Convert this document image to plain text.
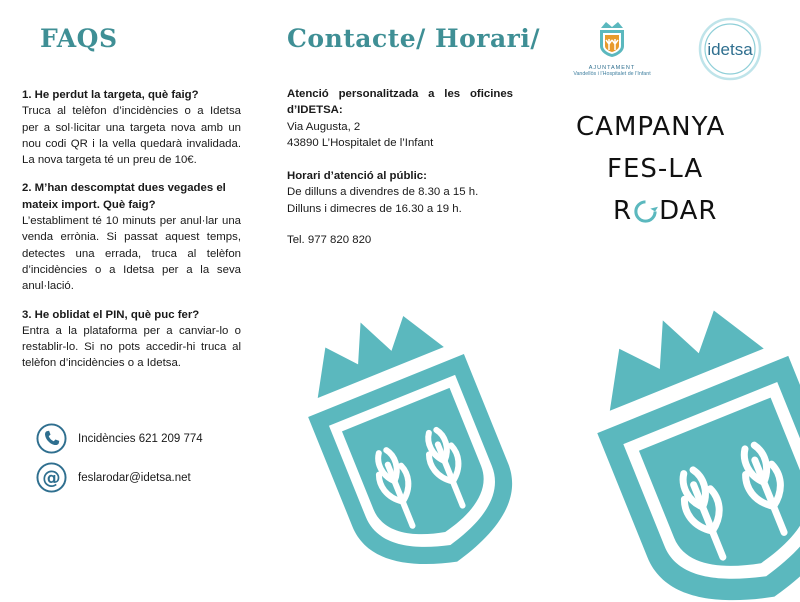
FAQS
1. He perdut la targeta, què faig?
Truca al telèfon d’incidències o a Idetsa per a sol·licitar una targeta nova amb un nou codi QR i la vella quedarà invalidada. La nova targeta té un preu de 10€.
2. M’han descomptat dues vegades el mateix import. Què faig?
L’establiment té 10 minuts per anul·lar una venda errònia. Si passat aquest temps, detectes una errada, truca al telèfon d’incidències o a Idetsa per a la seva anul·lació.
3. He oblidat el PIN, què puc fer?
Entra a la plataforma per a canviar-lo o restablir-lo. Si no pots accedir-hi truca al telèfon d’incidències o a Idetsa.
Incidències 621 209 774
@ feslarodar@idetsa.net
Contacte/ Horari/
Atenció personalitzada a les oficines d’IDETSA:
Via Augusta, 2
43890 L’Hospitalet de l’Infant
Horari d’atenció al públic:
De dilluns a divendres de 8.30 a 15 h.
Dilluns i dimecres de 16.30 a 19 h.
Tel. 977 820 820
AJUNTAMENT
Vandellòs i l’Hospitalet de l’Infant
idetsa
CAMPANYA
FES-LA
R DAR
